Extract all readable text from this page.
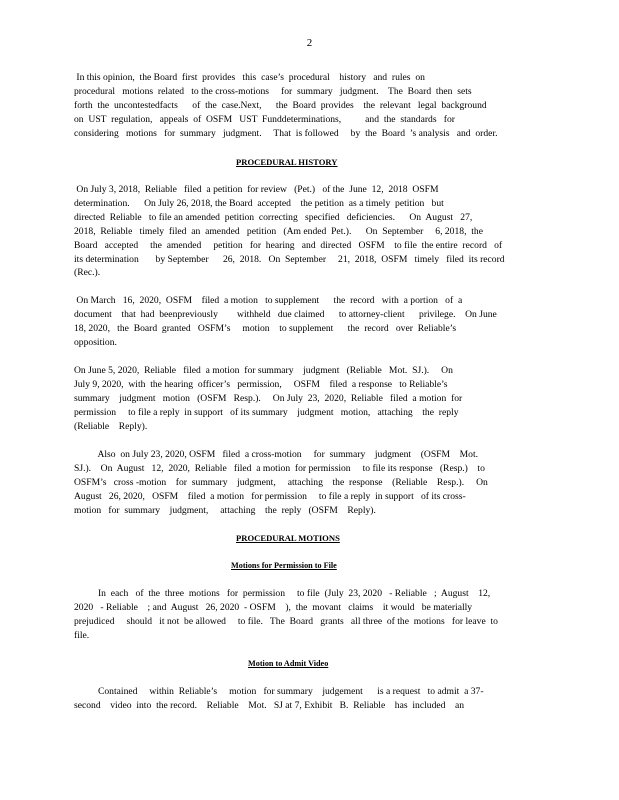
2
In this opinion,  the Board  first  provides   this  case’s  procedural    history   and  rules  on
procedural   motions  related   to the cross-motions     for  summary   judgment.    The  Board  then  sets
forth  the  uncontestedfacts      of  the  case.Next,      the  Board  provides    the  relevant   legal  background
on  UST  regulation,   appeals  of  OSFM   UST  Funddeterminations,          and  the  standards   for
considering   motions   for  summary   judgment.     That  is followed     by  the  Board  ’s analysis   and  order.
PROCEDURAL HISTORY
On July 3, 2018,  Reliable   filed  a petition  for review   (Pet.)   of the  June  12,  2018  OSFM
determination.      On July 26, 2018, the Board  accepted    the petition  as a timely  petition   but
directed  Reliable   to file an amended  petition  correcting   specified   deficiencies.      On  August   27,
2018,  Reliable   timely  filed  an  amended   petition   (Am ended  Pet.).      On  September     6, 2018,  the
Board   accepted     the  amended     petition   for  hearing   and  directed   OSFM    to file  the entire  record   of
its determination       by September      26,  2018.   On  September     21,  2018,  OSFM   timely   filed  its record
(Rec.).
On March   16,  2020,  OSFM    filed  a motion   to supplement      the  record   with  a portion   of  a
document    that  had  beenpreviously        withheld   due claimed      to attorney-client      privilege.    On June
18, 2020,   the  Board  granted   OSFM’s     motion    to supplement      the  record   over  Reliable’s
opposition.
On June 5, 2020,  Reliable   filed  a motion  for summary    judgment   (Reliable   Mot.  SJ.).     On
July 9, 2020,  with  the hearing  officer’s   permission,     OSFM    filed  a response   to Reliable’s
summary    judgment   motion   (OSFM   Resp.).     On July  23,  2020,  Reliable   filed  a motion  for
permission     to file a reply  in support   of its summary    judgment   motion,   attaching    the  reply
(Reliable    Reply).
Also  on July 23, 2020, OSFM   filed  a cross-motion     for  summary    judgment    (OSFM    Mot.
SJ.).    On  August   12,  2020,  Reliable   filed  a motion  for permission     to file its response   (Resp.)    to
OSFM’s   cross -motion    for  summary    judgment,     attaching    the  response    (Reliable    Resp.).     On
August   26, 2020,   OSFM    filed  a motion   for permission     to file a reply  in support   of its cross-
motion   for  summary    judgment,     attaching    the  reply   (OSFM    Reply).
PROCEDURAL MOTIONS
Motions for Permission to File
In  each   of  the  three  motions   for  permission     to file  (July  23, 2020   - Reliable   ;  August    12,
2020   - Reliable    ; and  August   26, 2020  - OSFM    ),  the  movant   claims    it would   be materially
prejudiced     should   it not  be allowed     to file.   The  Board   grants   all three  of the  motions   for leave  to
file.
Motion to Admit Video
Contained     within  Reliable’s     motion   for summary    judgement      is a request   to admit  a 37-
second    video  into  the record.    Reliable    Mot.   SJ at 7, Exhibit   B.  Reliable    has  included    an
